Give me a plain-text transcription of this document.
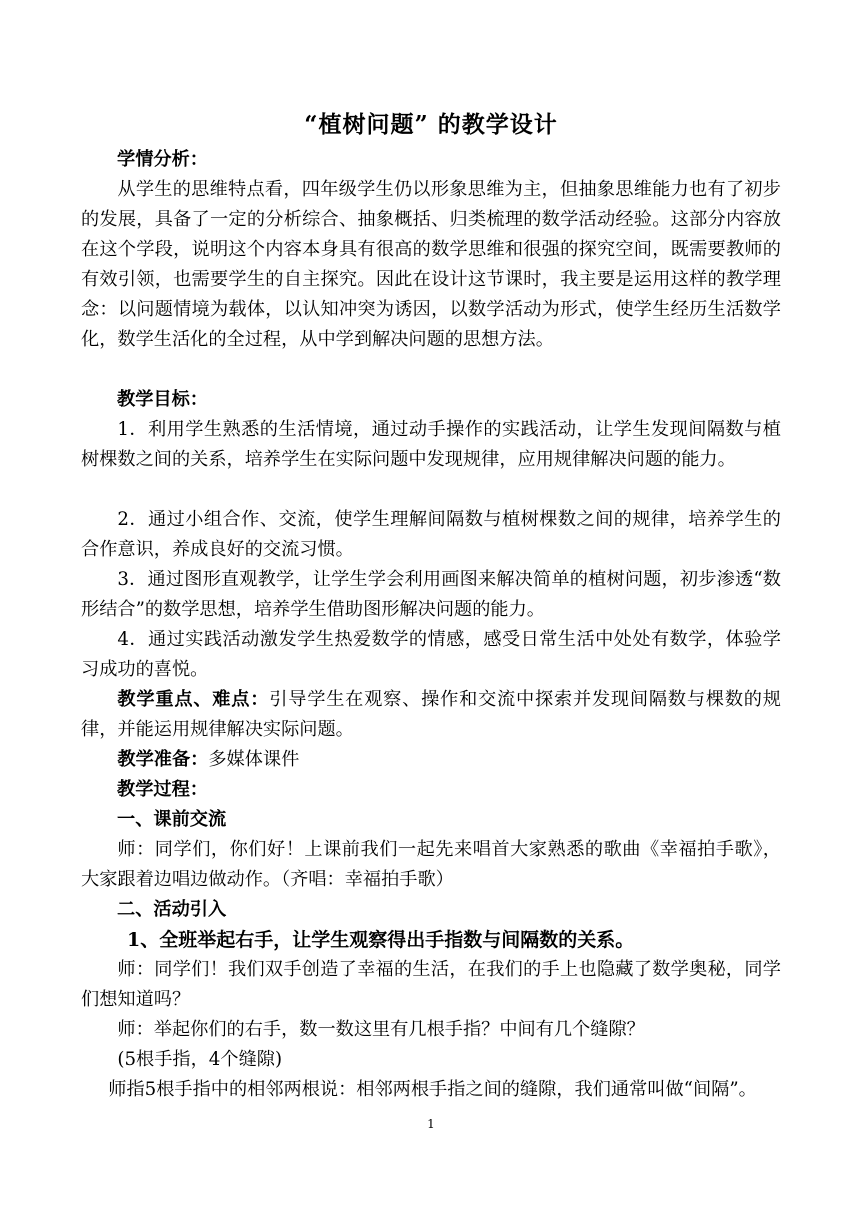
“植树问题” 的教学设计

学情分析：

从学生的思维特点看，四年级学生仍以形象思维为主，但抽象思维能力也有了初步的发展，具备了一定的分析综合、抽象概括、归类梳理的数学活动经验。这部分内容放在这个学段，说明这个内容本身具有很高的数学思维和很强的探究空间，既需要教师的有效引领，也需要学生的自主探究。因此在设计这节课时，我主要是运用这样的教学理念：以问题情境为载体，以认知冲突为诱因，以数学活动为形式，使学生经历生活数学化，数学生活化的全过程，从中学到解决问题的思想方法。

教学目标：

1．利用学生熟悉的生活情境，通过动手操作的实践活动，让学生发现间隔数与植树棵数之间的关系，培养学生在实际问题中发现规律，应用规律解决问题的能力。

2．通过小组合作、交流，使学生理解间隔数与植树棵数之间的规律，培养学生的合作意识，养成良好的交流习惯。

3．通过图形直观教学，让学生学会利用画图来解决简单的植树问题，初步渗透“数形结合”的数学思想，培养学生借助图形解决问题的能力。

4．通过实践活动激发学生热爱数学的情感，感受日常生活中处处有数学，体验学习成功的喜悦。

教学重点、难点：引导学生在观察、操作和交流中探索并发现间隔数与棵数的规律，并能运用规律解决实际问题。

教学准备：多媒体课件

教学过程：

一、课前交流

师：同学们，你们好！上课前我们一起先来唱首大家熟悉的歌曲《幸福拍手歌》，大家跟着边唱边做动作。（齐唱：幸福拍手歌）

二、活动引入

1、全班举起右手，让学生观察得出手指数与间隔数的关系。

师：同学们！我们双手创造了幸福的生活，在我们的手上也隐藏了数学奥秘，同学们想知道吗？

师：举起你们的右手，数一数这里有几根手指？中间有几个缝隙？

(5根手指，4个缝隙)

师指5根手指中的相邻两根说：相邻两根手指之间的缝隙，我们通常叫做“间隔”。

1
